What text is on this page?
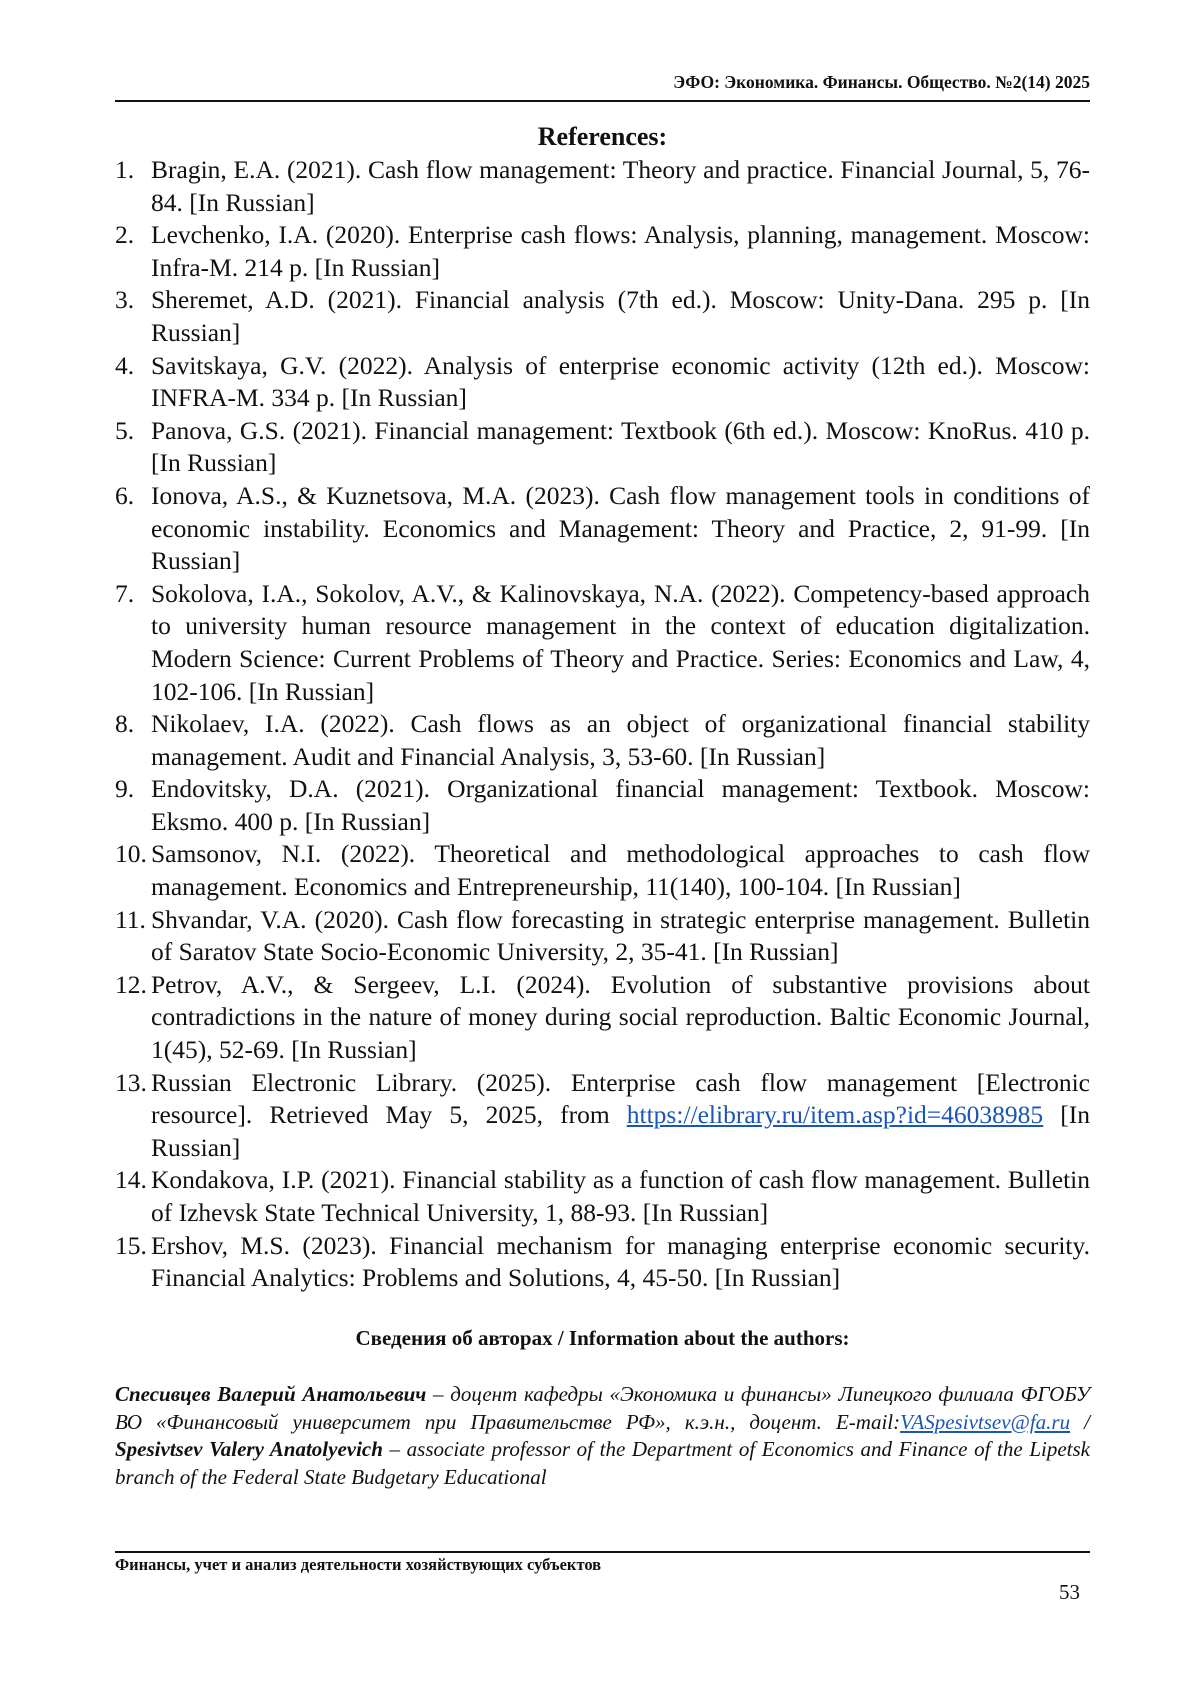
ЭФО: Экономика. Финансы. Общество. №2(14) 2025
References:
1. Bragin, E.A. (2021). Cash flow management: Theory and practice. Financial Journal, 5, 76-84. [In Russian]
2. Levchenko, I.A. (2020). Enterprise cash flows: Analysis, planning, management. Moscow: Infra-M. 214 p. [In Russian]
3. Sheremet, A.D. (2021). Financial analysis (7th ed.). Moscow: Unity-Dana. 295 p. [In Russian]
4. Savitskaya, G.V. (2022). Analysis of enterprise economic activity (12th ed.). Moscow: INFRA-M. 334 p. [In Russian]
5. Panova, G.S. (2021). Financial management: Textbook (6th ed.). Moscow: KnoRus. 410 p. [In Russian]
6. Ionova, A.S., & Kuznetsova, M.A. (2023). Cash flow management tools in conditions of economic instability. Economics and Management: Theory and Practice, 2, 91-99. [In Russian]
7. Sokolova, I.A., Sokolov, A.V., & Kalinovskaya, N.A. (2022). Competency-based approach to university human resource management in the context of education digitalization. Modern Science: Current Problems of Theory and Practice. Series: Economics and Law, 4, 102-106. [In Russian]
8. Nikolaev, I.A. (2022). Cash flows as an object of organizational financial stability management. Audit and Financial Analysis, 3, 53-60. [In Russian]
9. Endovitsky, D.A. (2021). Organizational financial management: Textbook. Moscow: Eksmo. 400 p. [In Russian]
10. Samsonov, N.I. (2022). Theoretical and methodological approaches to cash flow management. Economics and Entrepreneurship, 11(140), 100-104. [In Russian]
11. Shvandar, V.A. (2020). Cash flow forecasting in strategic enterprise management. Bulletin of Saratov State Socio-Economic University, 2, 35-41. [In Russian]
12. Petrov, A.V., & Sergeev, L.I. (2024). Evolution of substantive provisions about contradictions in the nature of money during social reproduction. Baltic Economic Journal, 1(45), 52-69. [In Russian]
13. Russian Electronic Library. (2025). Enterprise cash flow management [Electronic resource]. Retrieved May 5, 2025, from https://elibrary.ru/item.asp?id=46038985 [In Russian]
14. Kondakova, I.P. (2021). Financial stability as a function of cash flow management. Bulletin of Izhevsk State Technical University, 1, 88-93. [In Russian]
15. Ershov, M.S. (2023). Financial mechanism for managing enterprise economic security. Financial Analytics: Problems and Solutions, 4, 45-50. [In Russian]
Сведения об авторах / Information about the authors:
Спесивцев Валерий Анатольевич – доцент кафедры «Экономика и финансы» Липецкого филиала ФГОБУ ВО «Финансовый университет при Правительстве РФ», к.э.н., доцент. E-mail:VASpesivtsev@fa.ru / Spesivtsev Valery Anatolyevich – associate professor of the Department of Economics and Finance of the Lipetsk branch of the Federal State Budgetary Educational
Финансы, учет и анализ деятельности хозяйствующих субъектов
53
